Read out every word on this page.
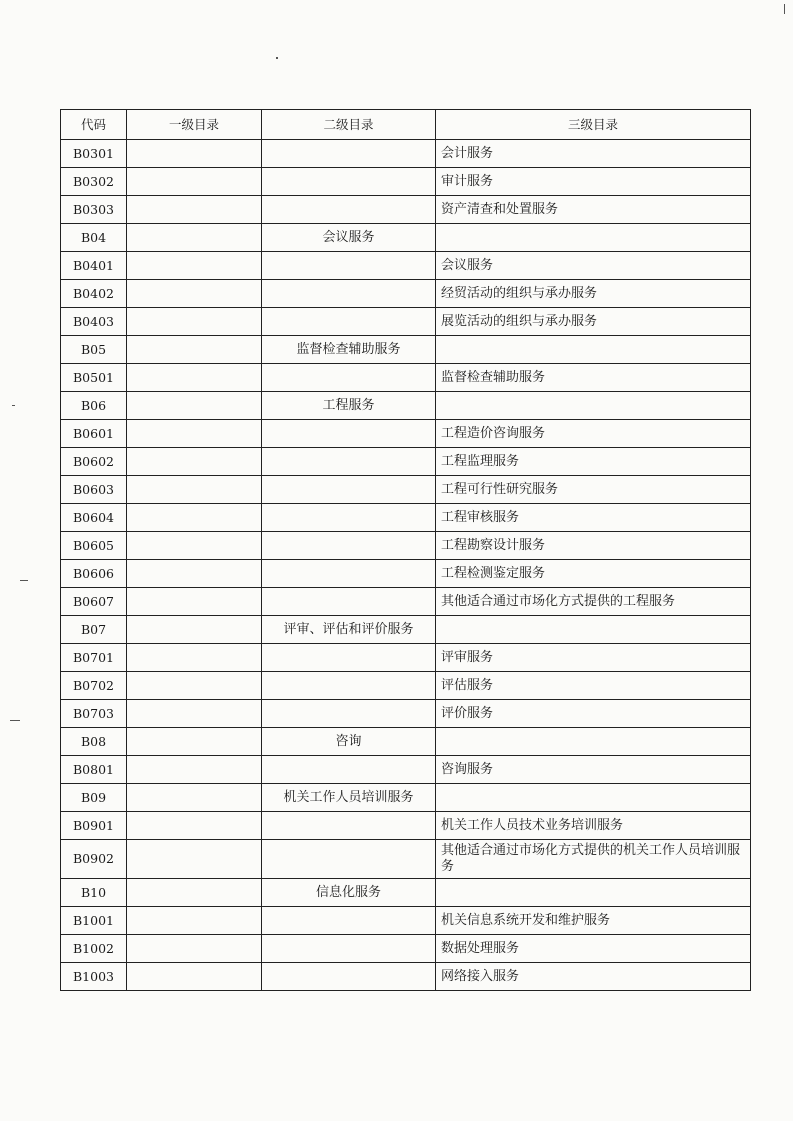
代码	一级目录	二级目录	三级目录
B0301			会计服务
B0302			审计服务
B0303			资产清查和处置服务
B04		会议服务	
B0401			会议服务
B0402			经贸活动的组织与承办服务
B0403			展览活动的组织与承办服务
B05		监督检查辅助服务	
B0501			监督检查辅助服务
B06		工程服务	
B0601			工程造价咨询服务
B0602			工程监理服务
B0603			工程可行性研究服务
B0604			工程审核服务
B0605			工程勘察设计服务
B0606			工程检测鉴定服务
B0607			其他适合通过市场化方式提供的工程服务
B07		评审、评估和评价服务	
B0701			评审服务
B0702			评估服务
B0703			评价服务
B08		咨询	
B0801			咨询服务
B09		机关工作人员培训服务	
B0901			机关工作人员技术业务培训服务
B0902			其他适合通过市场化方式提供的机关工作人员培训服务
B10		信息化服务	
B1001			机关信息系统开发和维护服务
B1002			数据处理服务
B1003			网络接入服务
